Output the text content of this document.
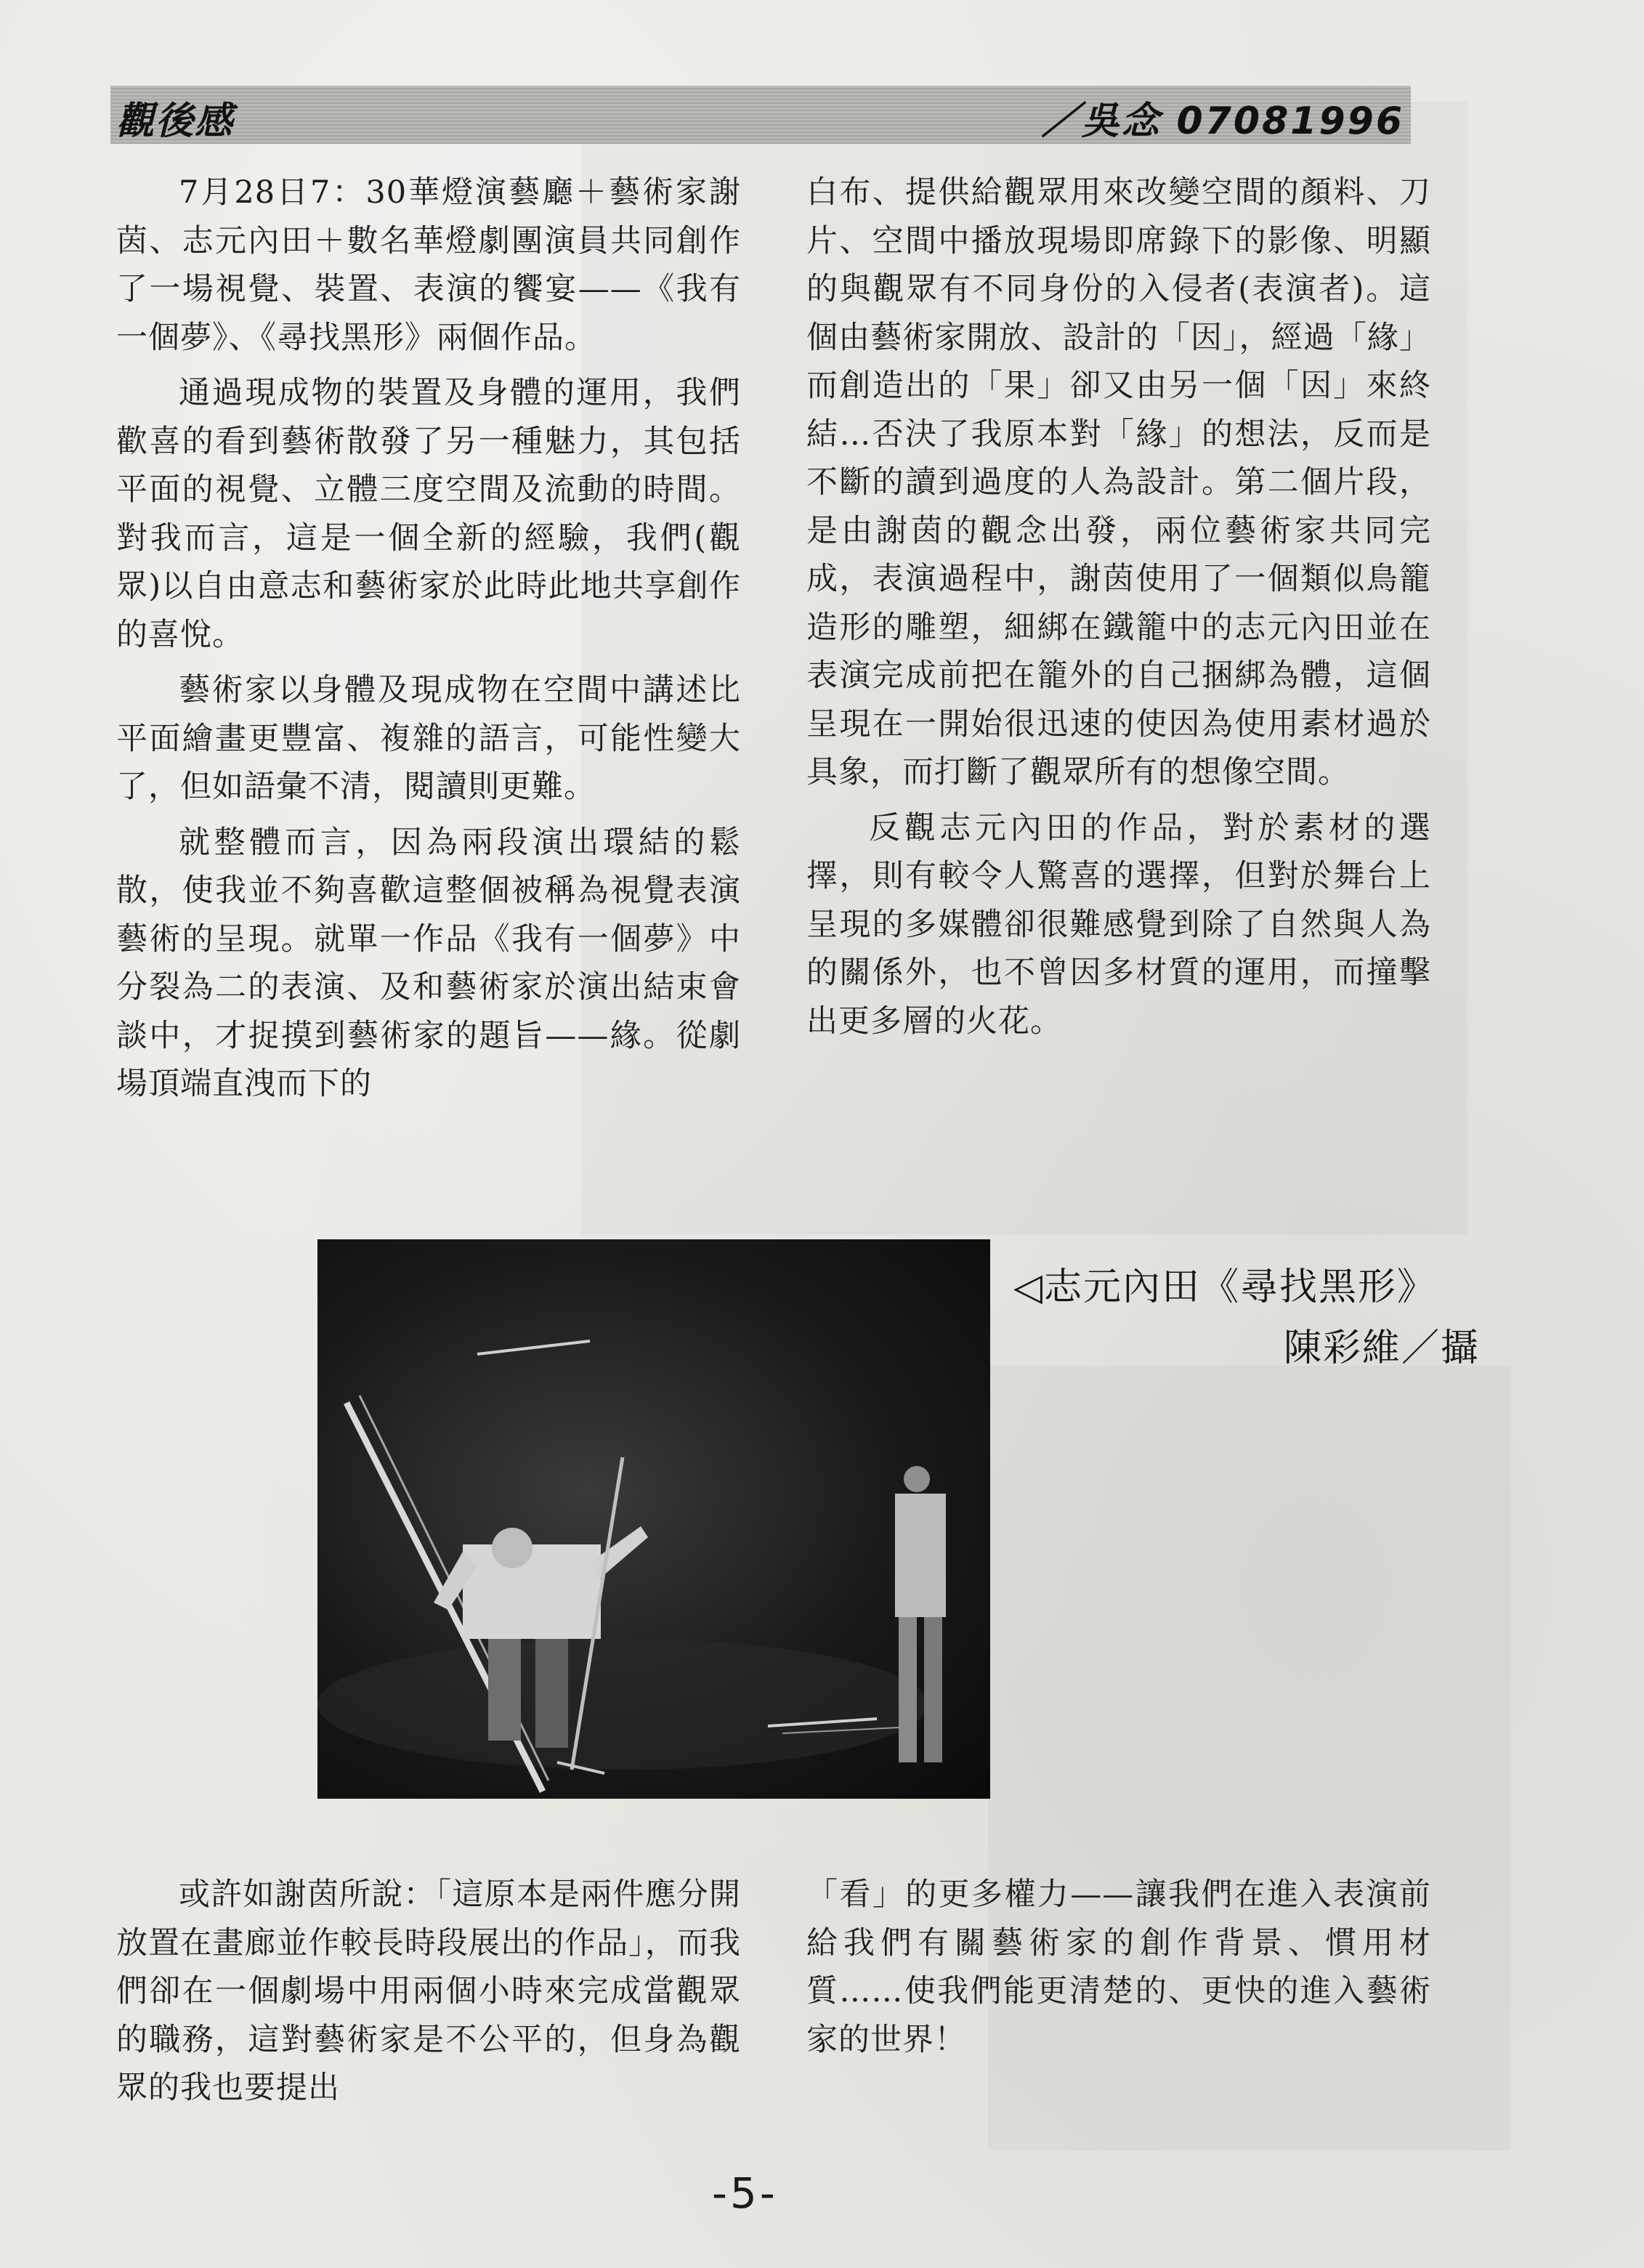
觀後感	／吳念 07081996

7月28日7：30華燈演藝廳＋藝術家謝茵、志元內田＋數名華燈劇團演員共同創作了一場視覺、裝置、表演的饗宴——《我有一個夢》、《尋找黑形》兩個作品。

通過現成物的裝置及身體的運用，我們歡喜的看到藝術散發了另一種魅力，其包括平面的視覺、立體三度空間及流動的時間。對我而言，這是一個全新的經驗，我們(觀眾)以自由意志和藝術家於此時此地共享創作的喜悅。

藝術家以身體及現成物在空間中講述比平面繪畫更豐富、複雜的語言，可能性變大了，但如語彙不清，閱讀則更難。

就整體而言，因為兩段演出環結的鬆散，使我並不夠喜歡這整個被稱為視覺表演藝術的呈現。就單一作品《我有一個夢》中分裂為二的表演、及和藝術家於演出結束會談中，才捉摸到藝術家的題旨——緣。從劇場頂端直洩而下的

白布、提供給觀眾用來改變空間的顏料、刀片、空間中播放現場即席錄下的影像、明顯的與觀眾有不同身份的入侵者(表演者)。這個由藝術家開放、設計的「因」，經過「緣」而創造出的「果」卻又由另一個「因」來終結…否決了我原本對「緣」的想法，反而是不斷的讀到過度的人為設計。第二個片段，是由謝茵的觀念出發，兩位藝術家共同完成，表演過程中，謝茵使用了一個類似鳥籠造形的雕塑，細綁在鐵籠中的志元內田並在表演完成前把在籠外的自己捆綁為體，這個呈現在一開始很迅速的使因為使用素材過於具象，而打斷了觀眾所有的想像空間。

反觀志元內田的作品，對於素材的選擇，則有較令人驚喜的選擇，但對於舞台上呈現的多媒體卻很難感覺到除了自然與人為的關係外，也不曾因多材質的運用，而撞擊出更多層的火花。

◁志元內田《尋找黑形》
陳彩維／攝

或許如謝茵所說：「這原本是兩件應分開放置在畫廊並作較長時段展出的作品」，而我們卻在一個劇場中用兩個小時來完成當觀眾的職務，這對藝術家是不公平的，但身為觀眾的我也要提出

「看」的更多權力——讓我們在進入表演前給我們有關藝術家的創作背景、慣用材質……使我們能更清楚的、更快的進入藝術家的世界！

-5-
